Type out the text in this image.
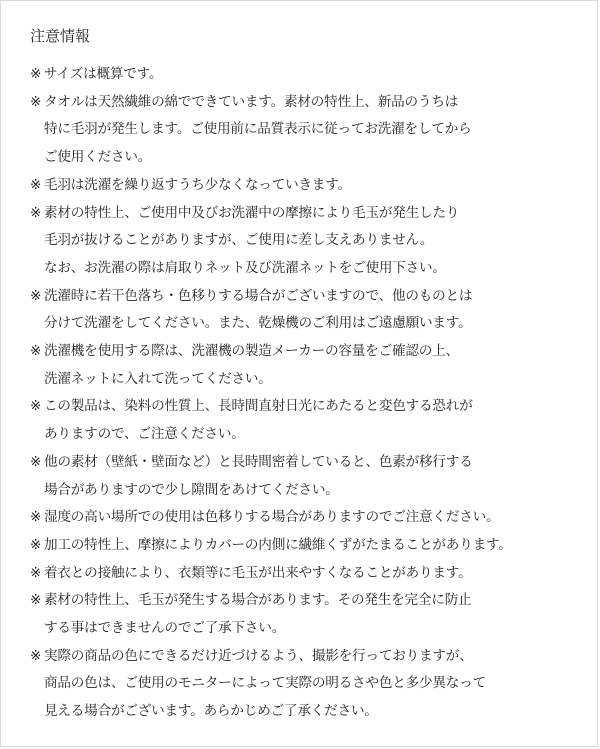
注意情報
※ サイズは概算です。
※ タオルは天然繊維の綿でできています。素材の特性上、新品のうちは
特に毛羽が発生します。ご使用前に品質表示に従ってお洗濯をしてから
ご使用ください。
※ 毛羽は洗濯を繰り返すうち少なくなっていきます。
※ 素材の特性上、ご使用中及びお洗濯中の摩擦により毛玉が発生したり
毛羽が抜けることがありますが、ご使用に差し支えありません。
なお、お洗濯の際は肩取りネット及び洗濯ネットをご使用下さい。
※ 洗濯時に若干色落ち・色移りする場合がございますので、他のものとは
分けて洗濯をしてください。また、乾燥機のご利用はご遠慮願います。
※ 洗濯機を使用する際は、洗濯機の製造メーカーの容量をご確認の上、
洗濯ネットに入れて洗ってください。
※ この製品は、染料の性質上、長時間直射日光にあたると変色する恐れが
ありますので、ご注意ください。
※ 他の素材（壁紙・壁面など）と長時間密着していると、色素が移行する
場合がありますので少し隙間をあけてください。
※ 湿度の高い場所での使用は色移りする場合がありますのでご注意ください。
※ 加工の特性上、摩擦によりカバーの内側に繊維くずがたまることがあります。
※ 着衣との接触により、衣類等に毛玉が出来やすくなることがあります。
※ 素材の特性上、毛玉が発生する場合があります。その発生を完全に防止
する事はできませんのでご了承下さい。
※ 実際の商品の色にできるだけ近づけるよう、撮影を行っておりますが、
商品の色は、ご使用のモニターによって実際の明るさや色と多少異なって
見える場合がございます。あらかじめご了承ください。
